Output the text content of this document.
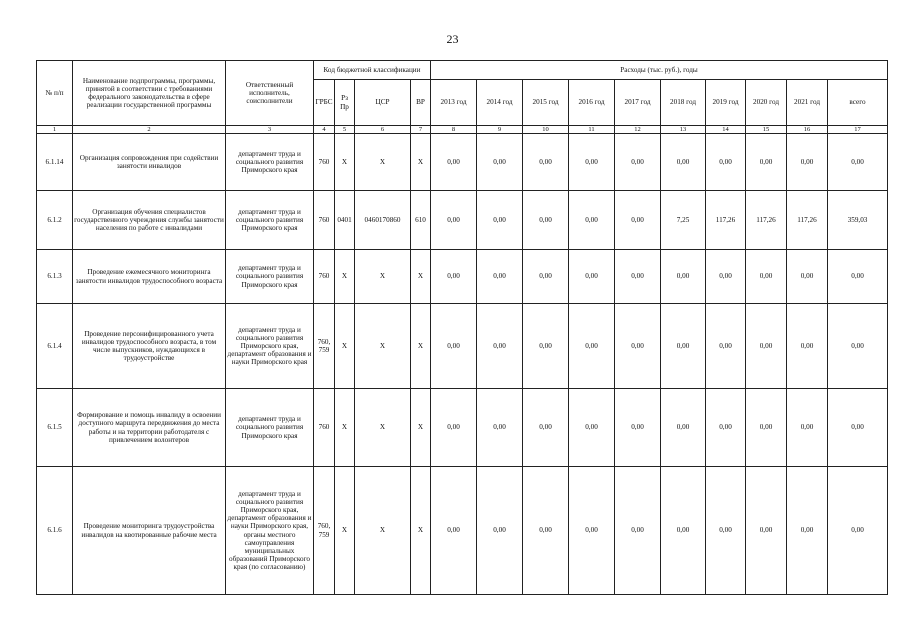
23
№ п/п	Наименование подпрограммы, программы, принятой в соответствии с требованиями федерального законодательства в сфере реализации государственной программы	Ответственный исполнитель, соисполнители	Код бюджетной классификации				Расходы (тыс. руб.), годы									
			ГРБС	Рз Пр	ЦСР	ВР	2013 год	2014 год	2015 год	2016 год	2017 год	2018 год	2019 год	2020 год	2021 год	всего
1	2	3	4	5	6	7	8	9	10	11	12	13	14	15	16	17
6.1.14	Организация сопровождения при содействии занятости инвалидов	департамент труда и социального развития Приморского края	760	X	X	X	0,00	0,00	0,00	0,00	0,00	0,00	0,00	0,00	0,00	0,00
6.1.2	Организация обучения специалистов государственного учреждения службы занятости населения по работе с инвалидами	департамент труда и социального развития Приморского края	760	0401	0460170860	610	0,00	0,00	0,00	0,00	0,00	7,25	117,26	117,26	117,26	359,03
6.1.3	Проведение ежемесячного мониторинга занятости инвалидов трудоспособного возраста	департамент труда и социального развития Приморского края	760	X	X	X	0,00	0,00	0,00	0,00	0,00	0,00	0,00	0,00	0,00	0,00
6.1.4	Проведение персонифицированного учета инвалидов трудоспособного возраста, в том числе выпускников, нуждающихся в трудоустройстве	департамент труда и социального развития Приморского края, департамент образования и науки Приморского края	760, 759	X	X	X	0,00	0,00	0,00	0,00	0,00	0,00	0,00	0,00	0,00	0,00
6.1.5	Формирование и помощь инвалиду в освоении доступного маршрута передвижения до места работы и на территории работодателя с привлечением волонтеров	департамент труда и социального развития Приморского края	760	X	X	X	0,00	0,00	0,00	0,00	0,00	0,00	0,00	0,00	0,00	0,00
6.1.6	Проведение мониторинга трудоустройства инвалидов на квотированные рабочие места	департамент труда и социального развития Приморского края, департамент образования и науки Приморского края, органы местного самоуправления муниципальных образований Приморского края (по согласованию)	760, 759	X	X	X	0,00	0,00	0,00	0,00	0,00	0,00	0,00	0,00	0,00	0,00
